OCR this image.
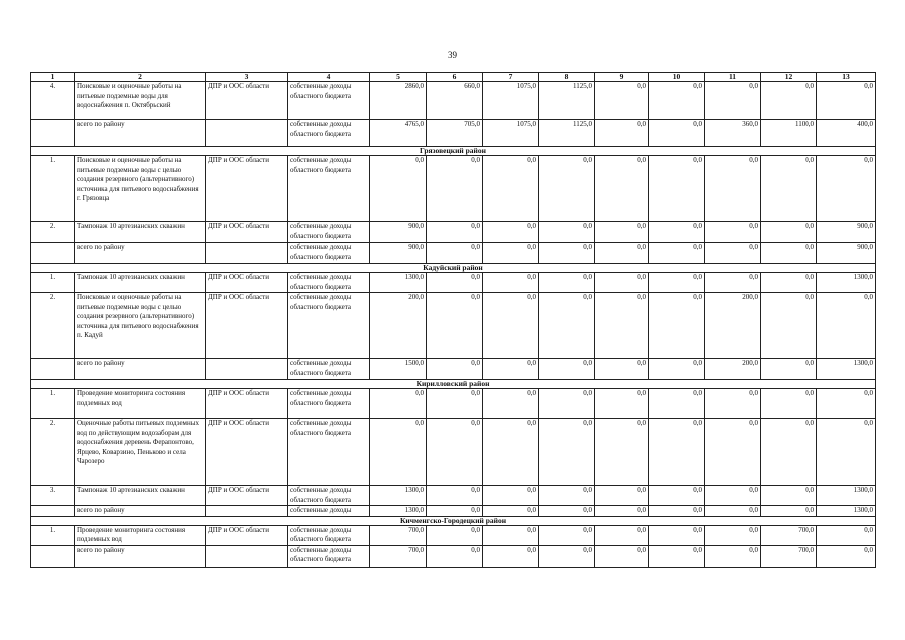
39
1	2	3	4	5	6	7	8	9	10	11	12	13
4.	Поисковые и оценочные работы на питьевые подземные воды для водоснабжения п. Октябрьский	ДПР и ООС области	собственные доходы областного бюджета	2860,0	660,0	1075,0	1125,0	0,0	0,0	0,0	0,0	0,0
	всего по району		собственные доходы областного бюджета	4765,0	705,0	1075,0	1125,0	0,0	0,0	360,0	1100,0	400,0
Грязовецкий район												
1.	Поисковые и оценочные работы на питьевые подземные воды с целью создания резервного (альтернативного) источника для питьевого водоснабжения г. Грязовца	ДПР и ООС области	собственные доходы областного бюджета	0,0	0,0	0,0	0,0	0,0	0,0	0,0	0,0	0,0
2.	Тампонаж 10 артезианских скважин	ДПР и ООС области	собственные доходы областного бюджета	900,0	0,0	0,0	0,0	0,0	0,0	0,0	0,0	900,0
	всего по району		собственные доходы областного бюджета	900,0	0,0	0,0	0,0	0,0	0,0	0,0	0,0	900,0
Кадуйский район												
1.	Тампонаж 10 артезианских скважин	ДПР и ООС области	собственные доходы областного бюджета	1300,0	0,0	0,0	0,0	0,0	0,0	0,0	0,0	1300,0
2.	Поисковые и оценочные работы на питьевые подземные воды с целью создания резервного (альтернативного) источника для питьевого водоснабжения п. Кадуй	ДПР и ООС области	собственные доходы областного бюджета	200,0	0,0	0,0	0,0	0,0	0,0	200,0	0,0	0,0
	всего по району		собственные доходы областного бюджета	1500,0	0,0	0,0	0,0	0,0	0,0	200,0	0,0	1300,0
Кирилловский район												
1.	Проведение мониторинга состояния подземных вод	ДПР и ООС области	собственные доходы областного бюджета	0,0	0,0	0,0	0,0	0,0	0,0	0,0	0,0	0,0
2.	Оценочные работы питьевых подземных вод по действующим водозаборам для водоснабжения деревень Ферапонтово, Ярцево, Коварзино, Пеньково и села Чарозеро	ДПР и ООС области	собственные доходы областного бюджета	0,0	0,0	0,0	0,0	0,0	0,0	0,0	0,0	0,0
3.	Тампонаж 10 артезианских скважин	ДПР и ООС области	собственные доходы областного бюджета	1300,0	0,0	0,0	0,0	0,0	0,0	0,0	0,0	1300,0
	всего по району		собственные доходы	1300,0	0,0	0,0	0,0	0,0	0,0	0,0	0,0	1300,0
Кичменгско-Городецкий район												
1.	Проведение мониторинга состояния подземных вод	ДПР и ООС области	собственные доходы областного бюджета	700,0	0,0	0,0	0,0	0,0	0,0	0,0	700,0	0,0
	всего по району		собственные доходы областного бюджета	700,0	0,0	0,0	0,0	0,0	0,0	0,0	700,0	0,0
